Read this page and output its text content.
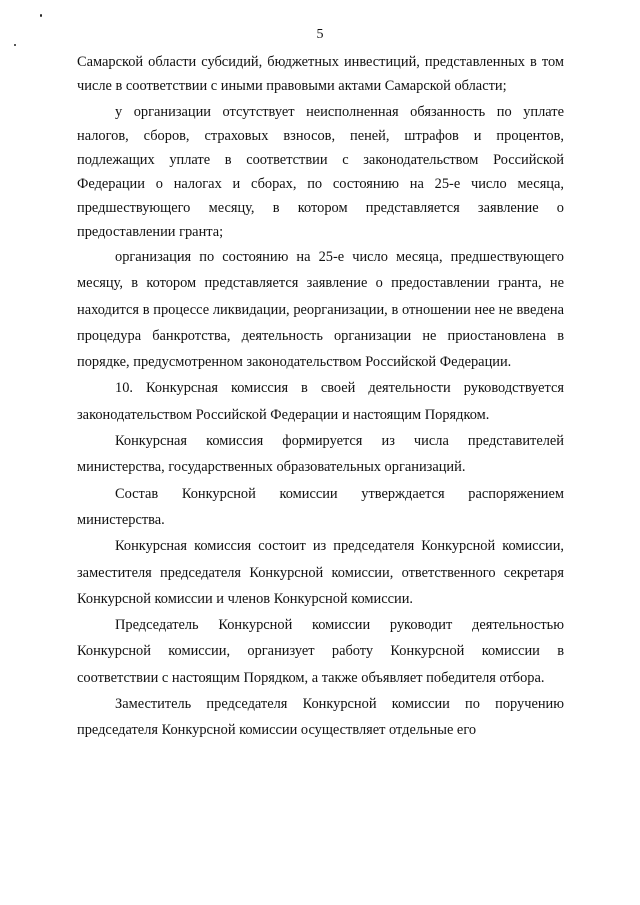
5

Самарской области субсидий, бюджетных инвестиций, представленных в том числе в соответствии с иными правовыми актами Самарской области;

у организации отсутствует неисполненная обязанность по уплате налогов, сборов, страховых взносов, пеней, штрафов и процентов, подлежащих уплате в соответствии с законодательством Российской Федерации о налогах и сборах, по состоянию на 25-е число месяца, предшествующего месяцу, в котором представляется заявление о предоставлении гранта;

организация по состоянию на 25-е число месяца, предшествующего месяцу, в котором представляется заявление о предоставлении гранта, не находится в процессе ликвидации, реорганизации, в отношении нее не введена процедура банкротства, деятельность организации не приостановлена в порядке, предусмотренном законодательством Российской Федерации.

10. Конкурсная комиссия в своей деятельности руководствуется законодательством Российской Федерации и настоящим Порядком.

Конкурсная комиссия формируется из числа представителей министерства, государственных образовательных организаций.

Состав Конкурсной комиссии утверждается распоряжением министерства.

Конкурсная комиссия состоит из председателя Конкурсной комиссии, заместителя председателя Конкурсной комиссии, ответственного секретаря Конкурсной комиссии и членов Конкурсной комиссии.

Председатель Конкурсной комиссии руководит деятельностью Конкурсной комиссии, организует работу Конкурсной комиссии в соответствии с настоящим Порядком, а также объявляет победителя отбора.

Заместитель председателя Конкурсной комиссии по поручению председателя Конкурсной комиссии осуществляет отдельные его
